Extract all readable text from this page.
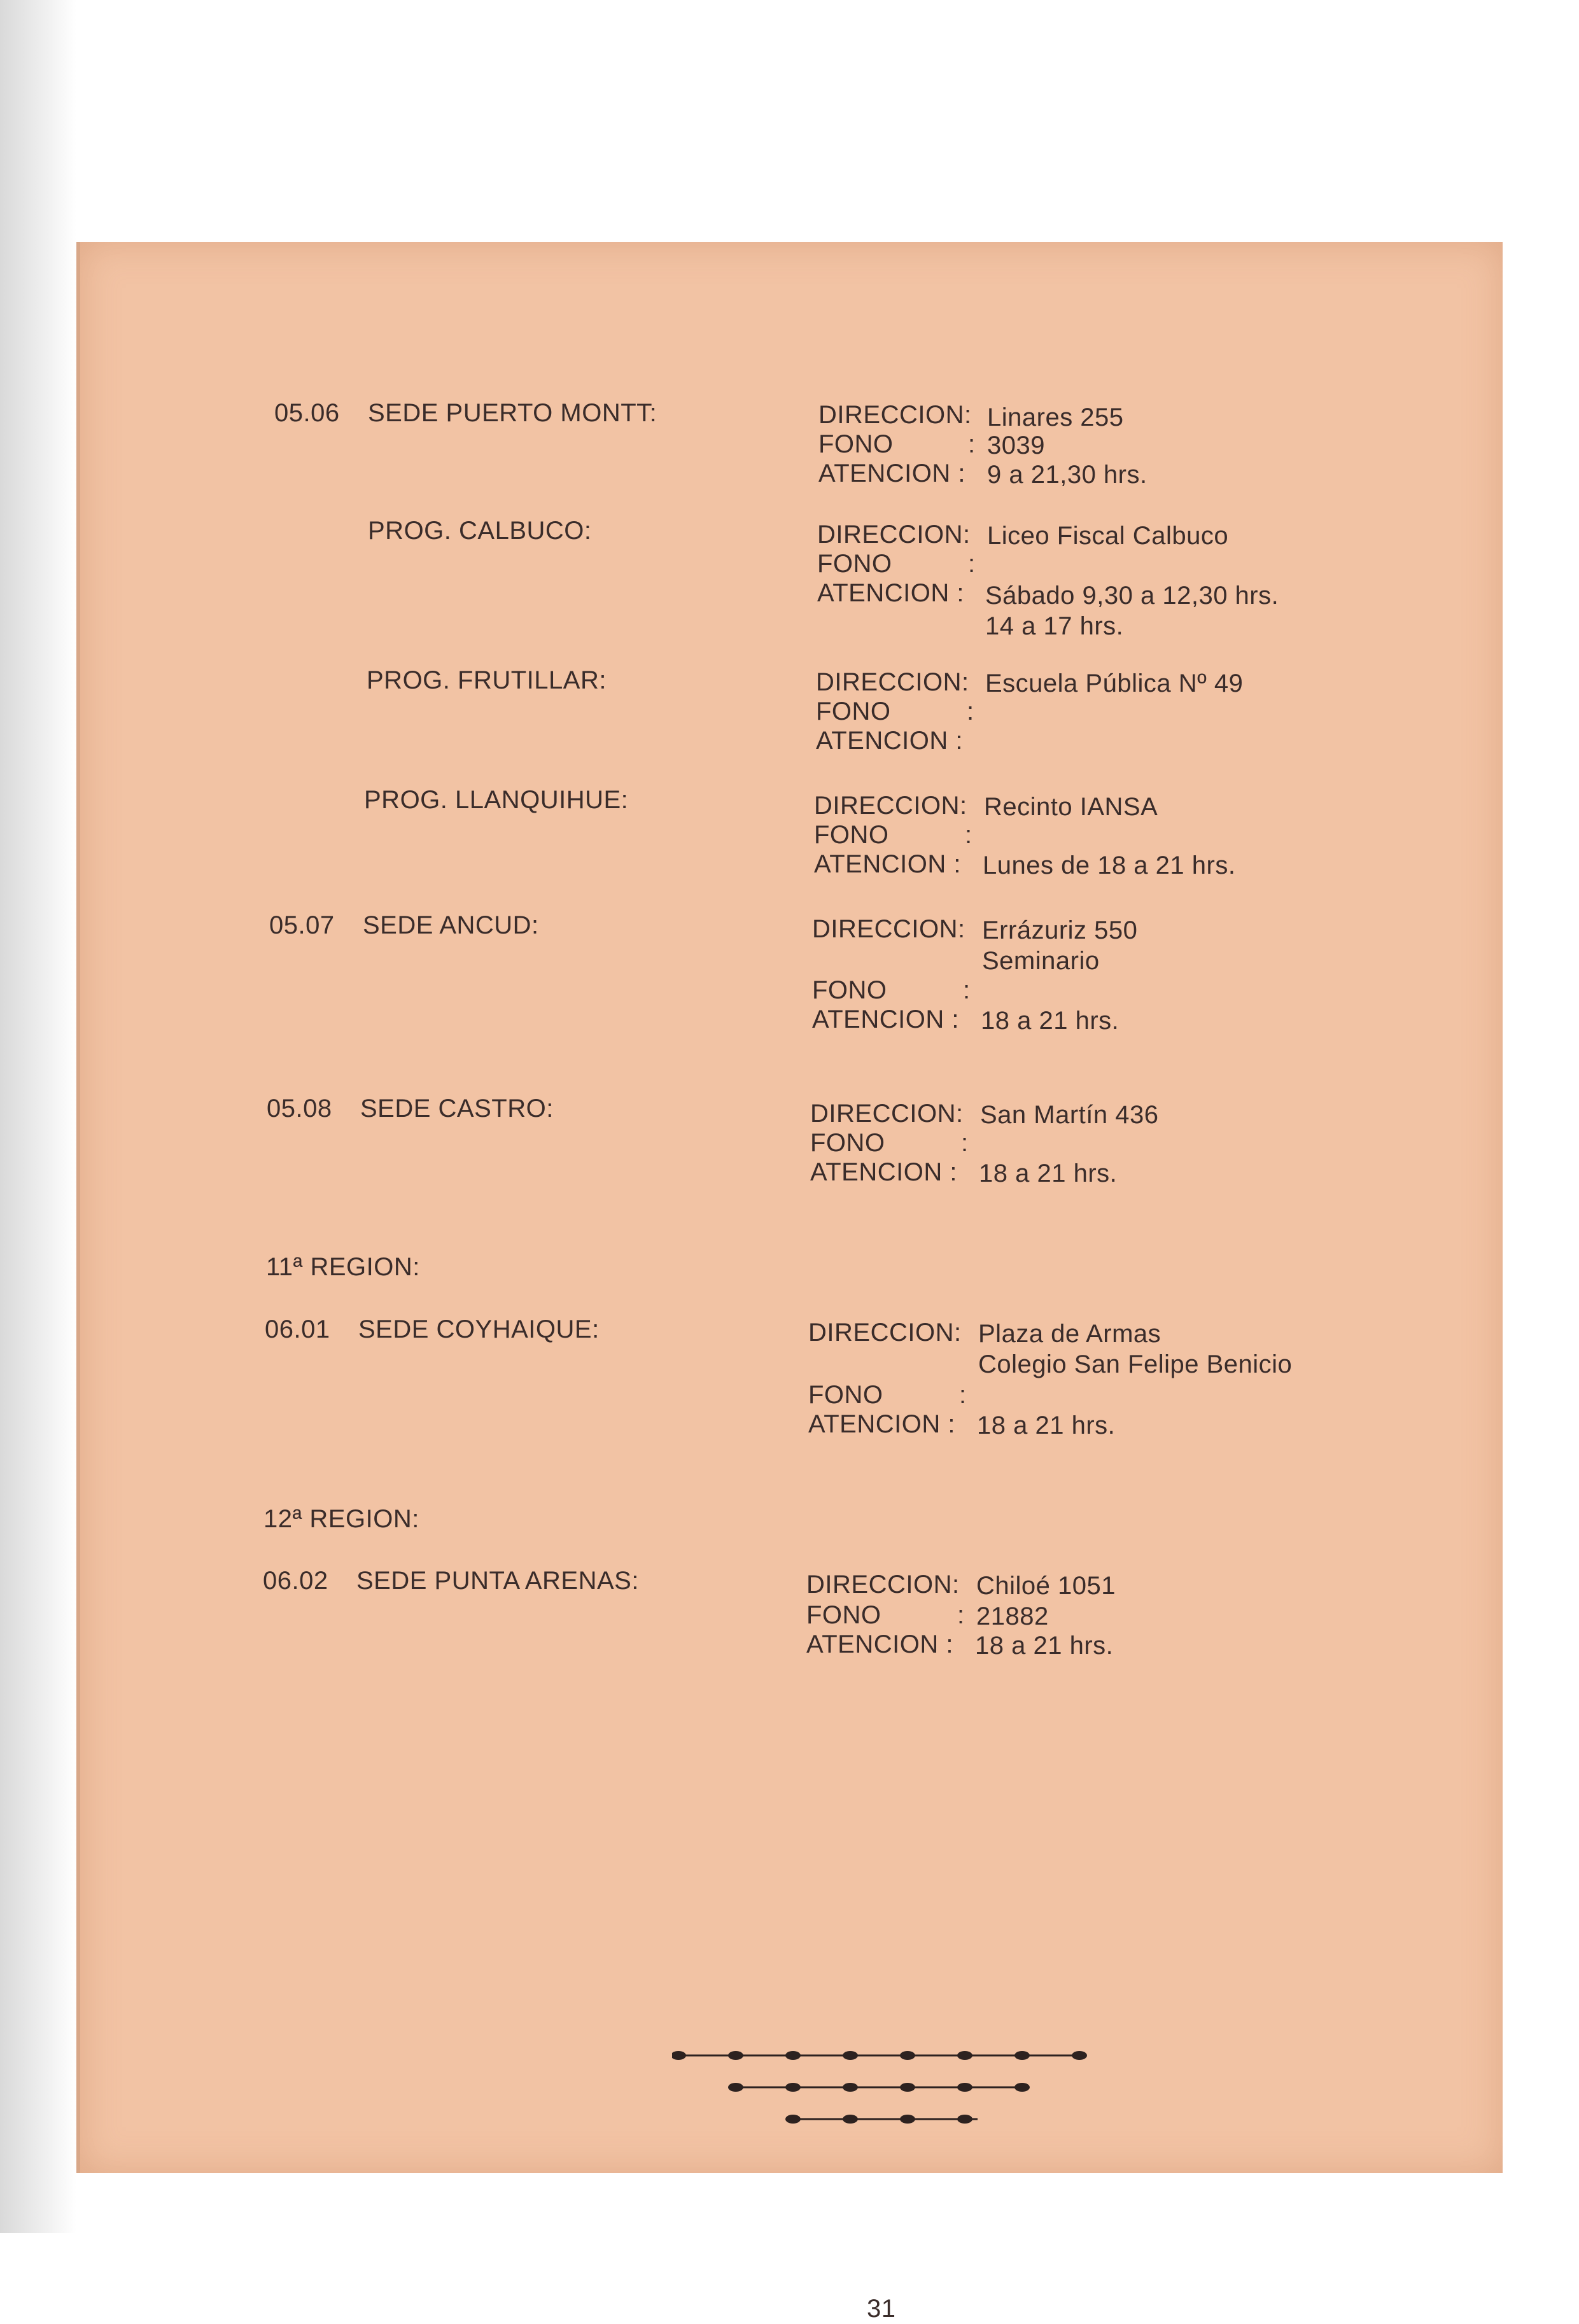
05.06 SEDE PUERTO MONTT:	DIRECCION: Linares 255
FONO	: 3039
ATENCION : 9 a 21,30 hrs.
PROG. CALBUCO:	DIRECCION: Liceo Fiscal Calbuco
FONO	:
ATENCION : Sábado 9,30 a 12,30 hrs.
14 a 17 hrs.
PROG. FRUTILLAR:	DIRECCION: Escuela Pública Nº 49
FONO	:
ATENCION :
PROG. LLANQUIHUE:	DIRECCION: Recinto IANSA
FONO	:
ATENCION : Lunes de 18 a 21 hrs.
05.07 SEDE ANCUD:	DIRECCION: Errázuriz 550
Seminario
FONO	:
ATENCION : 18 a 21 hrs.
05.08 SEDE CASTRO:	DIRECCION: San Martín 436
FONO	:
ATENCION : 18 a 21 hrs.
11ª REGION:
06.01 SEDE COYHAIQUE:	DIRECCION: Plaza de Armas
Colegio San Felipe Benicio
FONO	:
ATENCION : 18 a 21 hrs.
12ª REGION:
06.02 SEDE PUNTA ARENAS:	DIRECCION: Chiloé 1051
FONO	: 21882
ATENCION : 18 a 21 hrs.
31
